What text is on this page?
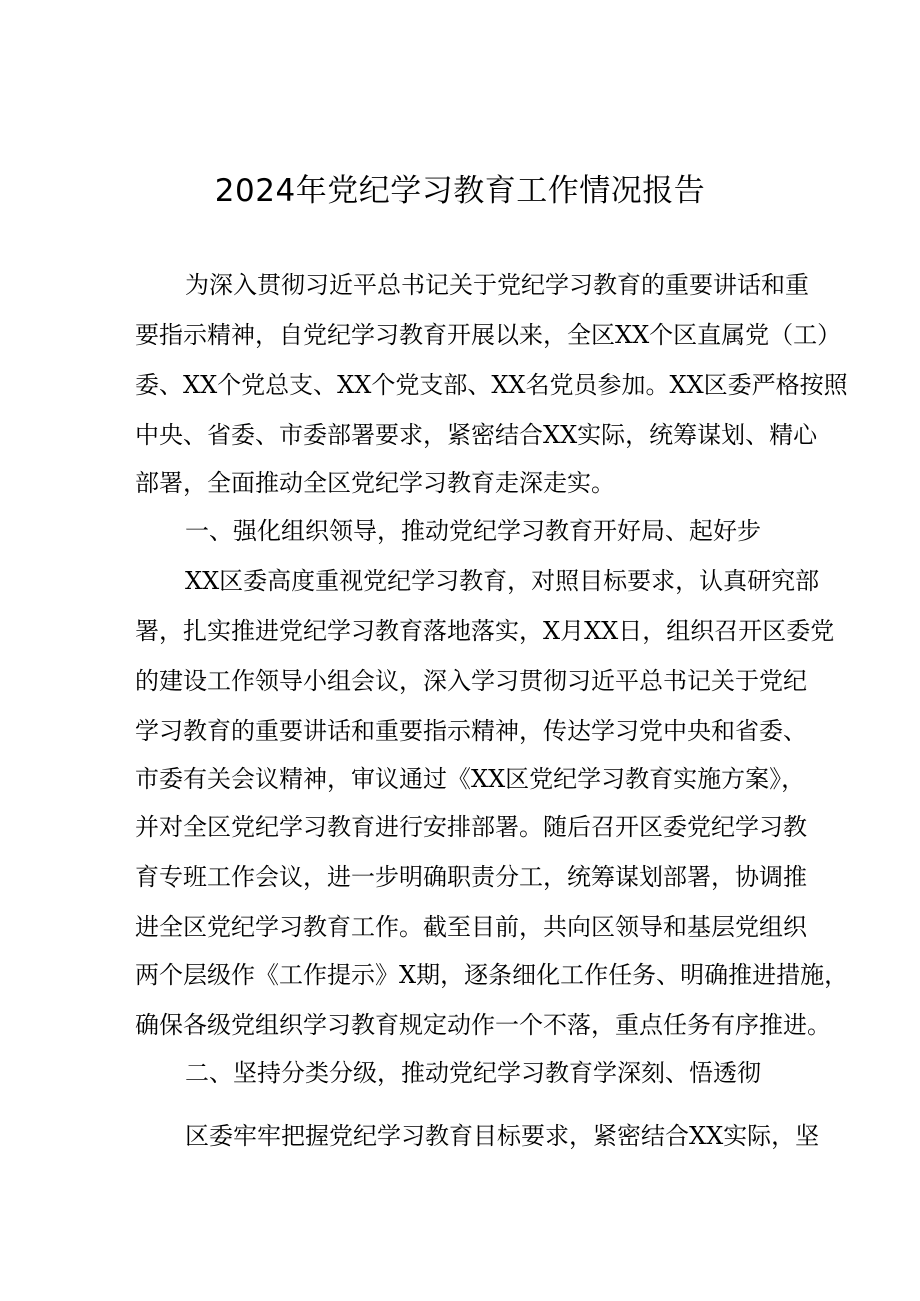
2024年党纪学习教育工作情况报告
为深入贯彻习近平总书记关于党纪学习教育的重要讲话和重
要指示精神，自党纪学习教育开展以来，全区XX个区直属党（工）
委、XX个党总支、XX个党支部、XX名党员参加。XX区委严格按照
中央、省委、市委部署要求，紧密结合XX实际，统筹谋划、精心
部署，全面推动全区党纪学习教育走深走实。
一、强化组织领导，推动党纪学习教育开好局、起好步
XX区委高度重视党纪学习教育，对照目标要求，认真研究部
署，扎实推进党纪学习教育落地落实，X月XX日，组织召开区委党
的建设工作领导小组会议，深入学习贯彻习近平总书记关于党纪
学习教育的重要讲话和重要指示精神，传达学习党中央和省委、
市委有关会议精神，审议通过《XX区党纪学习教育实施方案》，
并对全区党纪学习教育进行安排部署。随后召开区委党纪学习教
育专班工作会议，进一步明确职责分工，统筹谋划部署，协调推
进全区党纪学习教育工作。截至目前，共向区领导和基层党组织
两个层级作《工作提示》X期，逐条细化工作任务、明确推进措施，
确保各级党组织学习教育规定动作一个不落，重点任务有序推进。
二、坚持分类分级，推动党纪学习教育学深刻、悟透彻
区委牢牢把握党纪学习教育目标要求，紧密结合XX实际，坚
